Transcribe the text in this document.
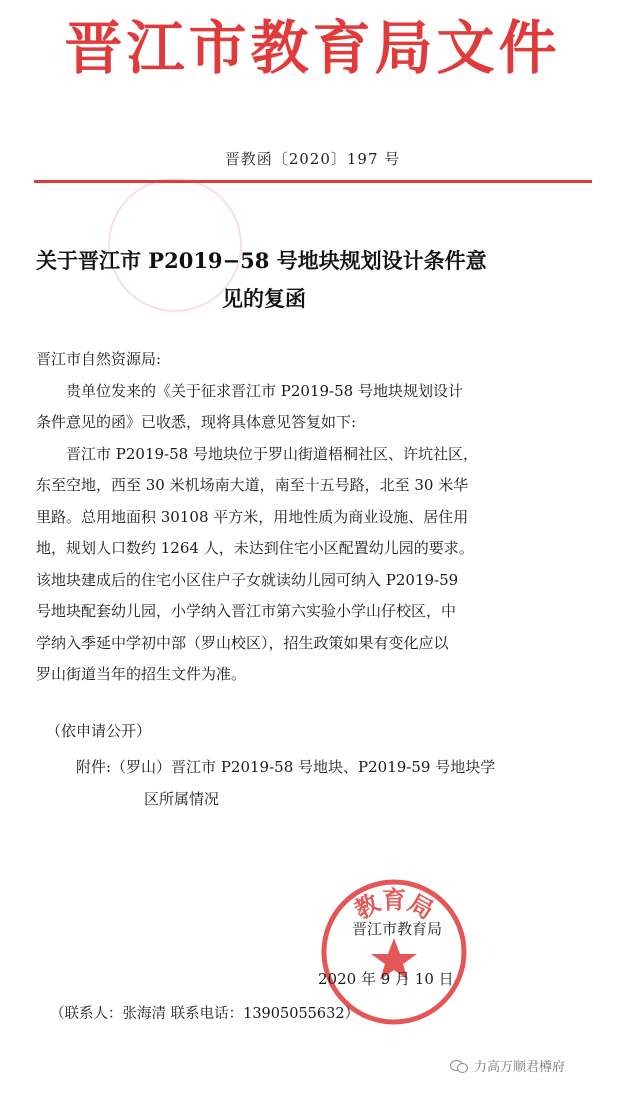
晋江市教育局文件
晋教函〔2020〕197 号
关于晋江市 P2019−58 号地块规划设计条件意
见的复函
晋江市自然资源局:
贵单位发来的《关于征求晋江市 P2019-58 号地块规划设计
条件意见的函》已收悉，现将具体意见答复如下:
晋江市 P2019-58 号地块位于罗山街道梧桐社区、许坑社区，
东至空地，西至 30 米机场南大道，南至十五号路，北至 30 米华
里路。总用地面积 30108 平方米，用地性质为商业设施、居住用
地，规划人口数约 1264 人，未达到住宅小区配置幼儿园的要求。
该地块建成后的住宅小区住户子女就读幼儿园可纳入 P2019-59
号地块配套幼儿园，小学纳入晋江市第六实验小学山仔校区，中
学纳入季延中学初中部（罗山校区），招生政策如果有变化应以
罗山街道当年的招生文件为准。
（依申请公开）
附件:（罗山）晋江市 P2019-58 号地块、P2019-59 号地块学
区所属情况
教育局
晋江市教育局
2020 年 9 月 10 日
（联系人：张海清 联系电话：13905055632）
力高万顺君樽府
